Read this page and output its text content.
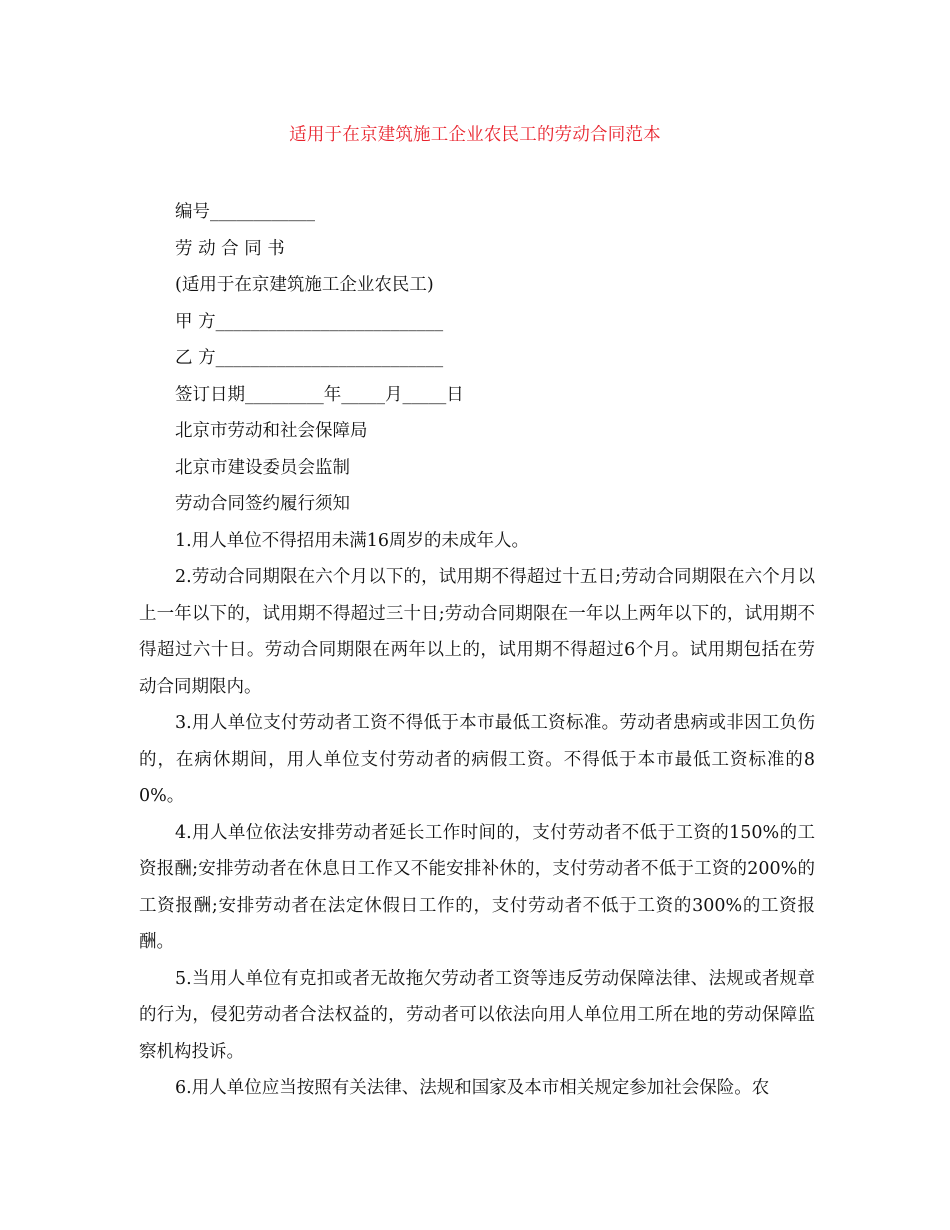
适用于在京建筑施工企业农民工的劳动合同范本
编号____________
劳 动 合 同 书
(适用于在京建筑施工企业农民工)
甲 方__________________________
乙 方__________________________
签订日期_________年_____月_____日
北京市劳动和社会保障局
北京市建设委员会监制
劳动合同签约履行须知
1.用人单位不得招用未满16周岁的未成年人。
2.劳动合同期限在六个月以下的，试用期不得超过十五日;劳动合同期限在六个月以上一年以下的，试用期不得超过三十日;劳动合同期限在一年以上两年以下的，试用期不得超过六十日。劳动合同期限在两年以上的，试用期不得超过6个月。试用期包括在劳动合同期限内。
3.用人单位支付劳动者工资不得低于本市最低工资标准。劳动者患病或非因工负伤的，在病休期间，用人单位支付劳动者的病假工资。不得低于本市最低工资标准的80%。
4.用人单位依法安排劳动者延长工作时间的，支付劳动者不低于工资的150%的工资报酬;安排劳动者在休息日工作又不能安排补休的，支付劳动者不低于工资的200%的工资报酬;安排劳动者在法定休假日工作的，支付劳动者不低于工资的300%的工资报酬。
5.当用人单位有克扣或者无故拖欠劳动者工资等违反劳动保障法律、法规或者规章的行为，侵犯劳动者合法权益的，劳动者可以依法向用人单位用工所在地的劳动保障监察机构投诉。
6.用人单位应当按照有关法律、法规和国家及本市相关规定参加社会保险。农
